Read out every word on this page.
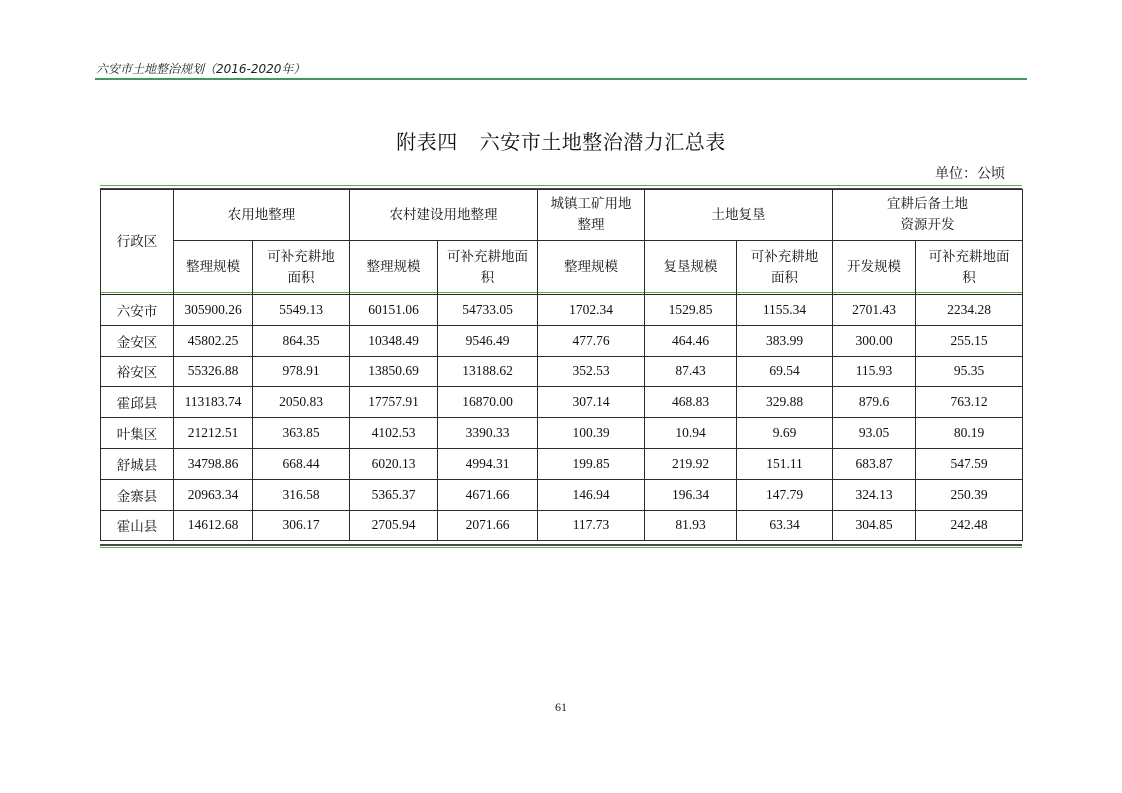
六安市土地整治规划（2016-2020年）
附表四 六安市土地整治潜力汇总表
单位：公顷
行政区	农用地整理		农村建设用地整理		城镇工矿用地整理	土地复垦		宜耕后备土地资源开发	

	整理规模	可补充耕地面积	整理规模	可补充耕地面积	整理规模	复垦规模	可补充耕地面积	开发规模	可补充耕地面积

六安市	305900.26	5549.13	60151.06	54733.05	1702.34	1529.85	1155.34	2701.43	2234.28
金安区	45802.25	864.35	10348.49	9546.49	477.76	464.46	383.99	300.00	255.15
裕安区	55326.88	978.91	13850.69	13188.62	352.53	87.43	69.54	115.93	95.35
霍邱县	113183.74	2050.83	17757.91	16870.00	307.14	468.83	329.88	879.6	763.12
叶集区	21212.51	363.85	4102.53	3390.33	100.39	10.94	9.69	93.05	80.19
舒城县	34798.86	668.44	6020.13	4994.31	199.85	219.92	151.11	683.87	547.59
金寨县	20963.34	316.58	5365.37	4671.66	146.94	196.34	147.79	324.13	250.39
霍山县	14612.68	306.17	2705.94	2071.66	117.73	81.93	63.34	304.85	242.48
61
